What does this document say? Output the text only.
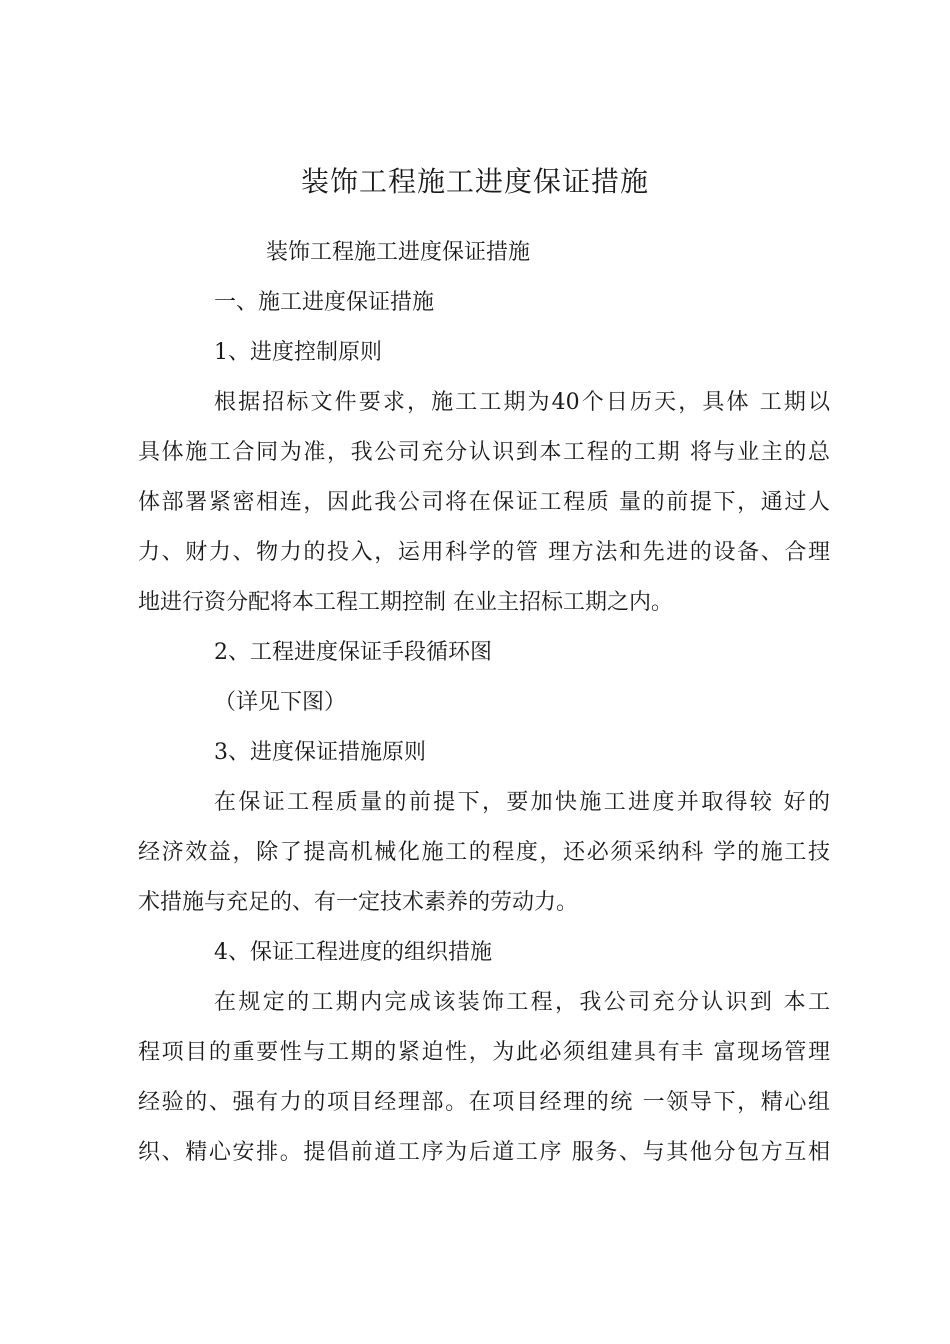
装饰工程施工进度保证措施

装饰工程施工进度保证措施

一、施工进度保证措施

1、进度控制原则

根据招标文件要求，施工工期为40个日历天，具体 工期以

具体施工合同为准，我公司充分认识到本工程的工期 将与业主的总

体部署紧密相连，因此我公司将在保证工程质 量的前提下，通过人

力、财力、物力的投入，运用科学的管 理方法和先进的设备、合理

地进行资分配将本工程工期控制 在业主招标工期之内。

2、工程进度保证手段循环图

（详见下图）

3、进度保证措施原则

在保证工程质量的前提下，要加快施工进度并取得较 好的

经济效益，除了提高机械化施工的程度，还必须采纳科 学的施工技

术措施与充足的、有一定技术素养的劳动力。

4、保证工程进度的组织措施

在规定的工期内完成该装饰工程，我公司充分认识到 本工

程项目的重要性与工期的紧迫性，为此必须组建具有丰 富现场管理

经验的、强有力的项目经理部。在项目经理的统 一领导下，精心组

织、精心安排。提倡前道工序为后道工序 服务、与其他分包方互相
